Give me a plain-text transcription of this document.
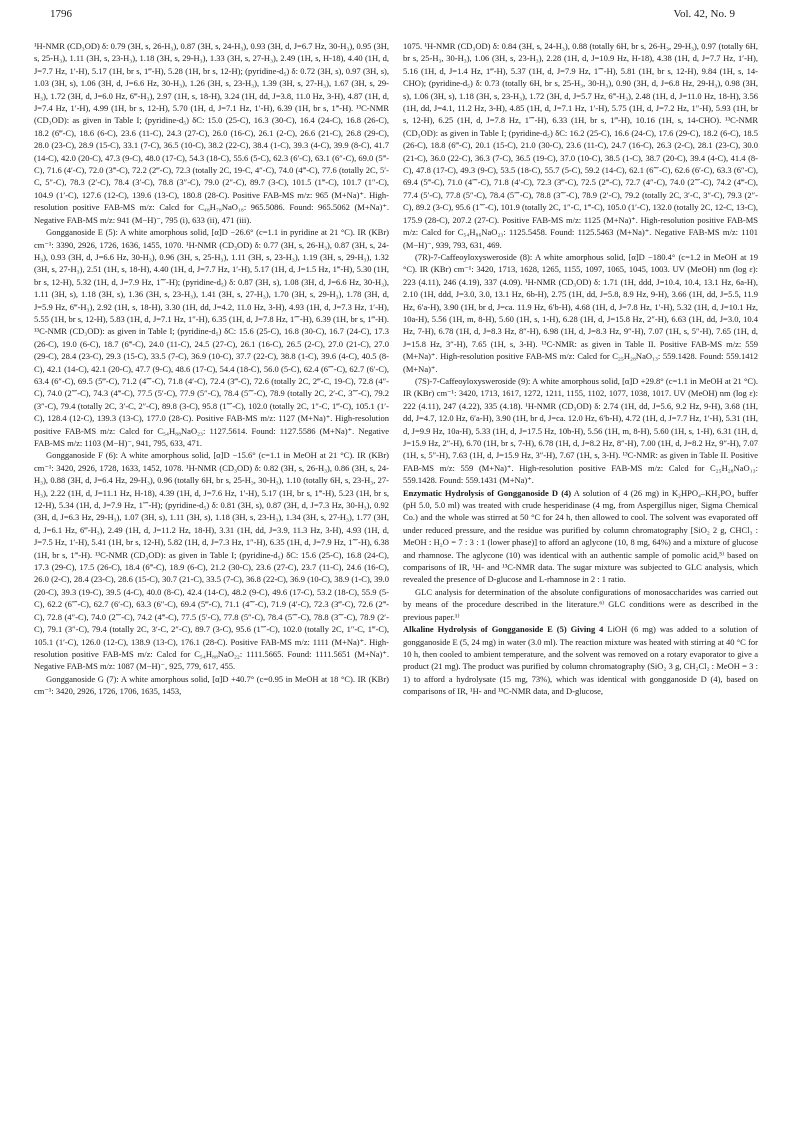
1796	Vol. 42, No. 9

¹H-NMR (CD₃OD) δ: 0.79 (3H, s, 26-H₃), 0.87 (3H, s, 24-H₃), 0.93 (3H, d, J=6.7 Hz, 30-H₃), 0.95 (3H, s, 25-H₃), 1.11 (3H, s, 23-H₃), 1.18 (3H, s, 29-H₃), 1.33 (3H, s, 27-H₃), 2.49 (1H, s, H-18), 4.40 (1H, d, J=7.7 Hz, 1′-H), 5.17 (1H, br s, 1‴-H), 5.28 (1H, br s, 12-H); (pyridine-d₅) δ: 0.72 (3H, s), 0.97 (3H, s), 1.03 (3H, s), 1.06 (3H, d, J=6.6 Hz, 30-H₃), 1.26 (3H, s, 23-H₃), 1.39 (3H, s, 27-H₃), 1.67 (3H, s, 29-H₃), 1.72 (3H, d, J=6.0 Hz, 6‴-H₃), 2.97 (1H, s, 18-H), 3.24 (1H, dd, J=3.8, 11.0 Hz, 3-H), 4.87 (1H, d, J=7.4 Hz, 1′-H), 4.99 (1H, br s, 12-H), 5.70 (1H, d, J=7.1 Hz, 1′-H), 6.39 (1H, br s, 1‴-H). ¹³C-NMR (CD₃OD): as given in Table I; (pyridine-d₅) δC: 15.0 (25-C), 16.3 (30-C), 16.4 (24-C), 16.8 (26-C), 18.2 (6‴-C), 18.6 (6-C), 23.6 (11-C), 24.3 (27-C), 26.0 (16-C), 26.1 (2-C), 26.6 (21-C), 26.8 (29-C), 28.0 (23-C), 28.9 (15-C), 33.1 (7-C), 36.5 (10-C), 38.2 (22-C), 38.4 (1-C), 39.3 (4-C), 39.9 (8-C), 41.7 (14-C), 42.0 (20-C), 47.3 (9-C), 48.0 (17-C), 54.3 (18-C), 55.6 (5-C), 62.3 (6′-C), 63.1 (6″-C), 69.0 (5‴-C), 71.6 (4′-C), 72.0 (3‴-C), 72.2 (2‴-C), 72.3 (totally 2C, 19-C, 4″-C), 74.0 (4‴-C), 77.6 (totally 2C, 5′-C, 5″-C), 78.3 (2′-C), 78.4 (3′-C), 78.8 (3″-C), 79.0 (2″-C), 89.7 (3-C), 101.5 (1‴-C), 101.7 (1″-C), 104.9 (1′-C), 127.6 (12-C), 139.6 (13-C), 180.8 (28-C). Positive FAB-MS m/z: 965 (M+Na)⁺. High-resolution positive FAB-MS m/z: Calcd for C₄₈H₇₈NaO₁₈: 965.5086. Found: 965.5062 (M+Na)⁺. Negative FAB-MS m/z: 941 (M−H)⁻, 795 (i), 633 (ii), 471 (iii).

Gongganoside E (5): A white amorphous solid, [α]D −26.6° (c=1.1 in pyridine at 21 °C). IR (KBr) cm⁻¹: 3390, 2926, 1726, 1636, 1455, 1070. ¹H-NMR (CD₃OD) δ: 0.77 (3H, s, 26-H₃), 0.87 (3H, s, 24-H₃), 0.93 (3H, d, J=6.6 Hz, 30-H₃), 0.96 (3H, s, 25-H₃), 1.11 (3H, s, 23-H₃), 1.19 (3H, s, 29-H₃), 1.32 (3H, s, 27-H₃), 2.51 (1H, s, 18-H), 4.40 (1H, d, J=7.7 Hz, 1′-H), 5.17 (1H, d, J=1.5 Hz, 1‴-H), 5.30 (1H, br s, 12-H), 5.32 (1H, d, J=7.9 Hz, 1⁗-H); (pyridine-d₅) δ: 0.87 (3H, s), 1.08 (3H, d, J=6.6 Hz, 30-H₃), 1.11 (3H, s), 1.18 (3H, s), 1.36 (3H, s, 23-H₃), 1.41 (3H, s, 27-H₃), 1.70 (3H, s, 29-H₃), 1.78 (3H, d, J=5.9 Hz, 6‴-H₃), 2.92 (1H, s, 18-H), 3.30 (1H, dd, J=4.2, 11.0 Hz, 3-H), 4.93 (1H, d, J=7.3 Hz, 1′-H), 5.55 (1H, br s, 12-H), 5.83 (1H, d, J=7.1 Hz, 1″-H), 6.35 (1H, d, J=7.8 Hz, 1⁗-H), 6.39 (1H, br s, 1‴-H). ¹³C-NMR (CD₃OD): as given in Table I; (pyridine-d₅) δC: 15.6 (25-C), 16.8 (30-C), 16.7 (24-C), 17.3 (26-C), 19.0 (6-C), 18.7 (6‴-C), 24.0 (11-C), 24.5 (27-C), 26.1 (16-C), 26.5 (2-C), 27.0 (21-C), 27.0 (29-C), 28.4 (23-C), 29.3 (15-C), 33.5 (7-C), 36.9 (10-C), 37.7 (22-C), 38.8 (1-C), 39.6 (4-C), 40.5 (8-C), 42.1 (14-C), 42.1 (20-C), 47.7 (9-C), 48.6 (17-C), 54.4 (18-C), 56.0 (5-C), 62.4 (6⁗-C), 62.7 (6′-C), 63.4 (6″-C), 69.5 (5‴-C), 71.2 (4⁗-C), 71.8 (4′-C), 72.4 (3‴-C), 72.6 (totally 2C, 2‴-C, 19-C), 72.8 (4″-C), 74.0 (2⁗-C), 74.3 (4‴-C), 77.5 (5′-C), 77.9 (5″-C), 78.4 (5⁗-C), 78.9 (totally 2C, 2′-C, 3⁗-C), 79.2 (3″-C), 79.4 (totally 2C, 3′-C, 2″-C), 89.8 (3-C), 95.8 (1⁗-C), 102.0 (totally 2C, 1″-C, 1‴-C), 105.1 (1′-C), 128.4 (12-C), 139.3 (13-C), 177.0 (28-C). Positive FAB-MS m/z: 1127 (M+Na)⁺. High-resolution positive FAB-MS m/z: Calcd for C₅₄H₈₈NaO₂₃: 1127.5614. Found: 1127.5586 (M+Na)⁺. Negative FAB-MS m/z: 1103 (M−H)⁻, 941, 795, 633, 471.

Gongganoside F (6): A white amorphous solid, [α]D −15.6° (c=1.1 in MeOH at 21 °C). IR (KBr) cm⁻¹: 3420, 2926, 1728, 1633, 1452, 1078. ¹H-NMR (CD₃OD) δ: 0.82 (3H, s, 26-H₃), 0.86 (3H, s, 24-H₃), 0.88 (3H, d, J=6.4 Hz, 29-H₃), 0.96 (totally 6H, br s, 25-H₃, 30-H₃), 1.10 (totally 6H, s, 23-H₃, 27-H₃), 2.22 (1H, d, J=11.1 Hz, H-18), 4.39 (1H, d, J=7.6 Hz, 1′-H), 5.17 (1H, br s, 1‴-H), 5.23 (1H, br s, 12-H), 5.34 (1H, d, J=7.9 Hz, 1⁗-H); (pyridine-d₅) δ: 0.81 (3H, s), 0.87 (3H, d, J=7.3 Hz, 30-H₃), 0.92 (3H, d, J=6.3 Hz, 29-H₃), 1.07 (3H, s), 1.11 (3H, s), 1.18 (3H, s, 23-H₃), 1.34 (3H, s, 27-H₃), 1.77 (3H, d, J=6.1 Hz, 6‴-H₃), 2.49 (1H, d, J=11.2 Hz, 18-H), 3.31 (1H, dd, J=3.9, 11.3 Hz, 3-H), 4.93 (1H, d, J=7.5 Hz, 1′-H), 5.41 (1H, br s, 12-H), 5.82 (1H, d, J=7.3 Hz, 1″-H), 6.35 (1H, d, J=7.9 Hz, 1⁗-H), 6.38 (1H, br s, 1‴-H). ¹³C-NMR (CD₃OD): as given in Table I; (pyridine-d₅) δC: 15.6 (25-C), 16.8 (24-C), 17.3 (29-C), 17.5 (26-C), 18.4 (6‴-C), 18.9 (6-C), 21.2 (30-C), 23.6 (27-C), 23.7 (11-C), 24.6 (16-C), 26.0 (2-C), 28.4 (23-C), 28.6 (15-C), 30.7 (21-C), 33.5 (7-C), 36.8 (22-C), 36.9 (10-C), 38.9 (1-C), 39.0 (20-C), 39.3 (19-C), 39.5 (4-C), 40.0 (8-C), 42.4 (14-C), 48.2 (9-C), 49.6 (17-C), 53.2 (18-C), 55.9 (5-C), 62.2 (6⁗-C), 62.7 (6′-C), 63.3 (6″-C), 69.4 (5‴-C), 71.1 (4⁗-C), 71.9 (4′-C), 72.3 (3‴-C), 72.6 (2‴-C), 72.8 (4″-C), 74.0 (2⁗-C), 74.2 (4‴-C), 77.5 (5′-C), 77.8 (5″-C), 78.4 (5⁗-C), 78.8 (3⁗-C), 78.9 (2′-C), 79.1 (3″-C), 79.4 (totally 2C, 3′-C, 2″-C), 89.7 (3-C), 95.6 (1⁗-C), 102.0 (totally 2C, 1″-C, 1‴-C), 105.1 (1′-C), 126.0 (12-C), 138.9 (13-C), 176.1 (28-C). Positive FAB-MS m/z: 1111 (M+Na)⁺. High-resolution positive FAB-MS m/z: Calcd for C₅₄H₈₈NaO₂₂: 1111.5665. Found: 1111.5651 (M+Na)⁺. Negative FAB-MS m/z: 1087 (M−H)⁻, 925, 779, 617, 455.

Gongganoside G (7): A white amorphous solid, [α]D +40.7° (c=0.95 in MeOH at 18 °C). IR (KBr) cm⁻¹: 3420, 2926, 1726, 1706, 1635, 1453,

1075. ¹H-NMR (CD₃OD) δ: 0.84 (3H, s, 24-H₃), 0.88 (totally 6H, br s, 26-H₃, 29-H₃), 0.97 (totally 6H, br s, 25-H₃, 30-H₃), 1.06 (3H, s, 23-H₃), 2.28 (1H, d, J=10.9 Hz, H-18), 4.38 (1H, d, J=7.7 Hz, 1′-H), 5.16 (1H, d, J=1.4 Hz, 1‴-H), 5.37 (1H, d, J=7.9 Hz, 1⁗-H), 5.81 (1H, br s, 12-H), 9.84 (1H, s, 14-CHO); (pyridine-d₅) δ: 0.73 (totally 6H, br s, 25-H₃, 30-H₃), 0.90 (3H, d, J=6.8 Hz, 29-H₃), 0.98 (3H, s), 1.06 (3H, s), 1.18 (3H, s, 23-H₃), 1.72 (3H, d, J=5.7 Hz, 6‴-H₃), 2.48 (1H, d, J=11.0 Hz, 18-H), 3.56 (1H, dd, J=4.1, 11.2 Hz, 3-H), 4.85 (1H, d, J=7.1 Hz, 1′-H), 5.75 (1H, d, J=7.2 Hz, 1″-H), 5.93 (1H, br s, 12-H), 6.25 (1H, d, J=7.8 Hz, 1⁗-H), 6.33 (1H, br s, 1‴-H), 10.16 (1H, s, 14-CHO). ¹³C-NMR (CD₃OD): as given in Table I; (pyridine-d₅) δC: 16.2 (25-C), 16.6 (24-C), 17.6 (29-C), 18.2 (6-C), 18.5 (26-C), 18.8 (6‴-C), 20.1 (15-C), 21.0 (30-C), 23.6 (11-C), 24.7 (16-C), 26.3 (2-C), 28.1 (23-C), 30.0 (21-C), 36.0 (22-C), 36.3 (7-C), 36.5 (19-C), 37.0 (10-C), 38.5 (1-C), 38.7 (20-C), 39.4 (4-C), 41.4 (8-C), 47.8 (17-C), 49.3 (9-C), 53.5 (18-C), 55.7 (5-C), 59.2 (14-C), 62.1 (6⁗-C), 62.6 (6′-C), 63.3 (6″-C), 69.4 (5‴-C), 71.0 (4⁗-C), 71.8 (4′-C), 72.3 (3‴-C), 72.5 (2‴-C), 72.7 (4″-C), 74.0 (2⁗-C), 74.2 (4‴-C), 77.4 (5′-C), 77.8 (5″-C), 78.4 (5⁗-C), 78.8 (3⁗-C), 78.9 (2′-C), 79.2 (totally 2C, 3′-C, 3″-C), 79.3 (2″-C), 89.2 (3-C), 95.6 (1⁗-C), 101.9 (totally 2C, 1″-C, 1‴-C), 105.0 (1′-C), 132.0 (totally 2C, 12-C, 13-C), 175.9 (28-C), 207.2 (27-C). Positive FAB-MS m/z: 1125 (M+Na)⁺. High-resolution positive FAB-MS m/z: Calcd for C₅₄H₈₆NaO₂₃: 1125.5458. Found: 1125.5463 (M+Na)⁺. Negative FAB-MS m/z: 1101 (M−H)⁻, 939, 793, 631, 469.

(7R)-7-Caffeoyloxysweroside (8): A white amorphous solid, [α]D −180.4° (c=1.2 in MeOH at 19 °C). IR (KBr) cm⁻¹: 3420, 1713, 1628, 1265, 1155, 1097, 1065, 1045, 1003. UV (MeOH) nm (log ε): 223 (4.11), 246 (4.19), 337 (4.09). ¹H-NMR (CD₃OD) δ: 1.71 (1H, ddd, J=10.4, 10.4, 13.1 Hz, 6a-H), 2.10 (1H, ddd, J=3.0, 3.0, 13.1 Hz, 6b-H), 2.75 (1H, dd, J=5.8, 8.9 Hz, 9-H), 3.66 (1H, dd, J=5.5, 11.9 Hz, 6′a-H), 3.90 (1H, br d, J=ca. 11.9 Hz, 6′b-H), 4.68 (1H, d, J=7.8 Hz, 1′-H), 5.32 (1H, d, J=10.1 Hz, 10a-H), 5.56 (1H, m, 8-H), 5.60 (1H, s, 1-H), 6.28 (1H, d, J=15.8 Hz, 2″-H), 6.63 (1H, dd, J=3.0, 10.4 Hz, 7-H), 6.78 (1H, d, J=8.3 Hz, 8″-H), 6.98 (1H, d, J=8.3 Hz, 9″-H), 7.07 (1H, s, 5″-H), 7.65 (1H, d, J=15.8 Hz, 3″-H), 7.65 (1H, s, 3-H). ¹³C-NMR: as given in Table II. Positive FAB-MS m/z: 559 (M+Na)⁺. High-resolution positive FAB-MS m/z: Calcd for C₂₅H₂₈NaO₁₃: 559.1428. Found: 559.1412 (M+Na)⁺.

(7S)-7-Caffeoyloxysweroside (9): A white amorphous solid, [α]D +29.8° (c=1.1 in MeOH at 21 °C). IR (KBr) cm⁻¹: 3420, 1713, 1617, 1272, 1211, 1155, 1102, 1077, 1038, 1017. UV (MeOH) nm (log ε): 222 (4.11), 247 (4.22), 335 (4.18). ¹H-NMR (CD₃OD) δ: 2.74 (1H, dd, J=5.6, 9.2 Hz, 9-H), 3.68 (1H, dd, J=4.7, 12.0 Hz, 6′a-H), 3.90 (1H, br d, J=ca. 12.0 Hz, 6′b-H), 4.72 (1H, d, J=7.7 Hz, 1′-H), 5.31 (1H, d, J=9.9 Hz, 10a-H), 5.33 (1H, d, J=17.5 Hz, 10b-H), 5.56 (1H, m, 8-H), 5.60 (1H, s, 1-H), 6.31 (1H, d, J=15.9 Hz, 2″-H), 6.70 (1H, br s, 7-H), 6.78 (1H, d, J=8.2 Hz, 8″-H), 7.00 (1H, d, J=8.2 Hz, 9″-H), 7.07 (1H, s, 5″-H), 7.63 (1H, d, J=15.9 Hz, 3″-H), 7.67 (1H, s, 3-H). ¹³C-NMR: as given in Table II. Positive FAB-MS m/z: 559 (M+Na)⁺. High-resolution positive FAB-MS m/z: Calcd for C₂₅H₂₈NaO₁₃: 559.1428. Found: 559.1431 (M+Na)⁺.

Enzymatic Hydrolysis of Gongganoside D (4) A solution of 4 (26 mg) in K₂HPO₄–KH₂PO₄ buffer (pH 5.0, 5.0 ml) was treated with crude hesperidinase (4 mg, from Aspergillus niger, Sigma Chemical Co.) and the whole was stirred at 50 °C for 24 h, then allowed to cool. The solvent was evaporated off under reduced pressure, and the residue was purified by column chromatography [SiO₂ 2 g, CHCl₃ : MeOH : H₂O = 7 : 3 : 1 (lower phase)] to afford an aglycone (10, 8 mg, 64%) and a mixture of glucose and rhamnose. The aglycone (10) was identical with an authentic sample of pomolic acid,⁵⁾ based on comparisons of IR, ¹H- and ¹³C-NMR data. The sugar mixture was subjected to GLC analysis, which revealed the presence of D-glucose and L-rhamnose in 2 : 1 ratio.

GLC analysis for determination of the absolute configurations of monosaccharides was carried out by means of the procedure described in the literature.⁶⁾ GLC conditions were as described in the previous paper.¹⁾

Alkaline Hydrolysis of Gongganoside E (5) Giving 4 LiOH (6 mg) was added to a solution of gongganoside E (5, 24 mg) in water (3.0 ml). The reaction mixture was heated with stirring at 40 °C for 10 h, then cooled to ambient temperature, and the solvent was removed on a rotary evaporator to give a product (21 mg). The product was purified by column chromatography (SiO₂ 3 g, CH₂Cl₂ : MeOH = 3 : 1) to afford a hydrolysate (15 mg, 73%), which was identical with gongganoside D (4), based on comparisons of IR, ¹H- and ¹³C-NMR data, and D-glucose,
